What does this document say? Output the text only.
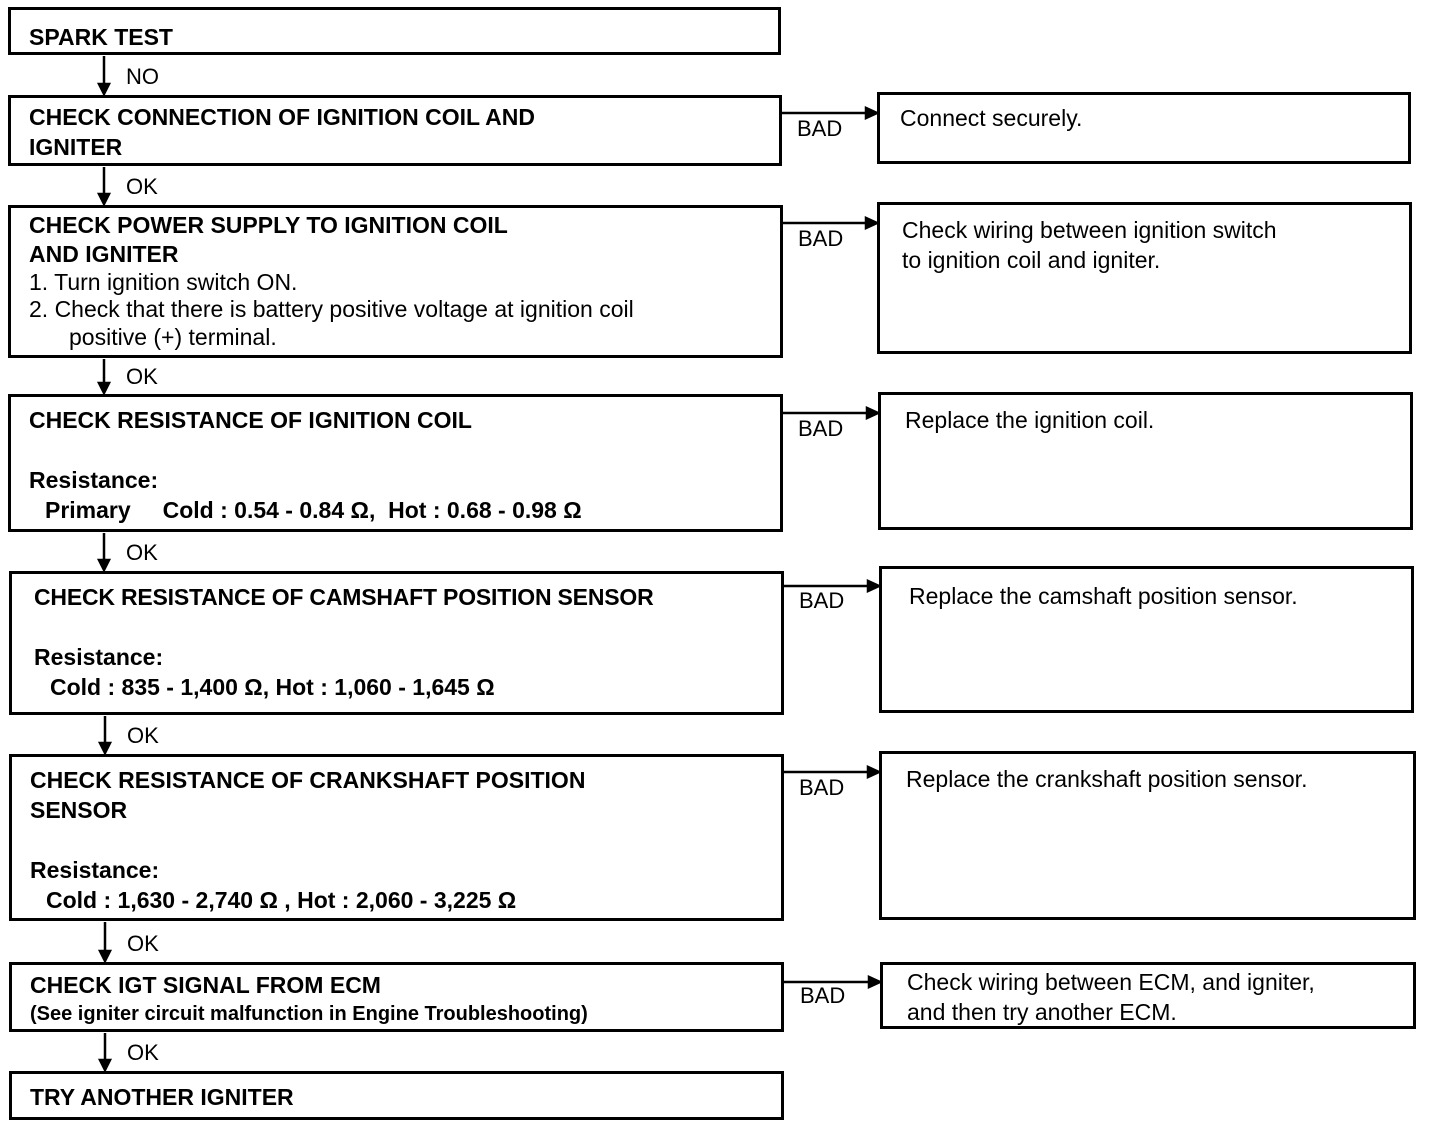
SPARK TEST
CHECK CONNECTION OF IGNITION COIL AND
IGNITER
CHECK POWER SUPPLY TO IGNITION COIL
AND IGNITER
1. Turn ignition switch ON.
2. Check that there is battery positive voltage at ignition coil positive (+) terminal.
CHECK RESISTANCE OF IGNITION COIL
Resistance:
Primary     Cold : 0.54 - 0.84 Ω,  Hot : 0.68 - 0.98 Ω
CHECK RESISTANCE OF CAMSHAFT POSITION SENSOR
Resistance:
Cold : 835 - 1,400 Ω, Hot : 1,060 - 1,645 Ω
CHECK RESISTANCE OF CRANKSHAFT POSITION
SENSOR
Resistance:
Cold : 1,630 - 2,740 Ω , Hot : 2,060 - 3,225 Ω
CHECK IGT SIGNAL FROM ECM
(See igniter circuit malfunction in Engine Troubleshooting)
TRY ANOTHER IGNITER
Connect securely.
Check wiring between ignition switch
to ignition coil and igniter.
Replace the ignition coil.
Replace the camshaft position sensor.
Replace the crankshaft position sensor.
Check wiring between ECM, and igniter,
and then try another ECM.
NO
OK
OK
OK
OK
OK
OK
BAD
BAD
BAD
BAD
BAD
BAD
